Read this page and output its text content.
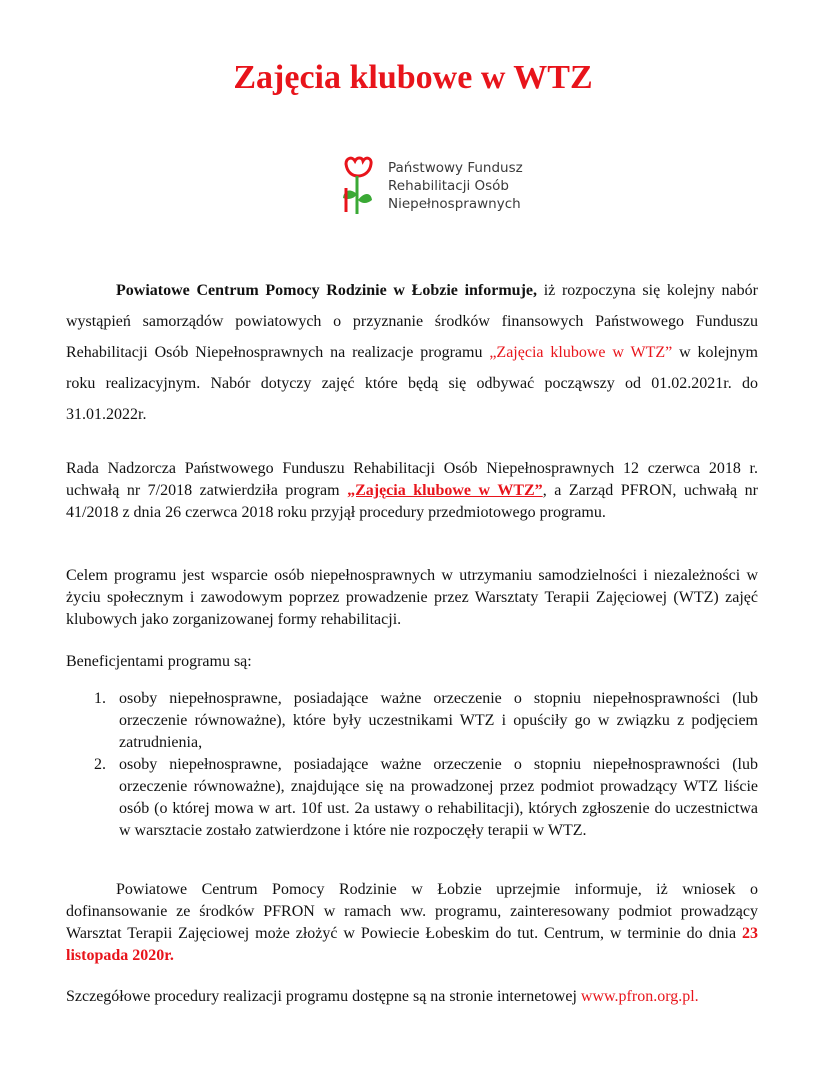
Zajęcia klubowe w WTZ
Państwowy Fundusz
Rehabilitacji Osób
Niepełnosprawnych

Powiatowe Centrum Pomocy Rodzinie w Łobzie informuje, iż rozpoczyna się kolejny nabór wystąpień samorządów powiatowych o przyznanie środków finansowych Państwowego Funduszu Rehabilitacji Osób Niepełnosprawnych na realizacje programu „Zajęcia klubowe w WTZ” w kolejnym roku realizacyjnym. Nabór dotyczy zajęć które będą się odbywać począwszy od 01.02.2021r. do 31.01.2022r.

Rada Nadzorcza Państwowego Funduszu Rehabilitacji Osób Niepełnosprawnych 12 czerwca 2018 r. uchwałą nr 7/2018 zatwierdziła program „Zajęcia klubowe w WTZ”, a Zarząd PFRON, uchwałą nr 41/2018 z dnia 26 czerwca 2018 roku przyjął procedury przedmiotowego programu.

Celem programu jest wsparcie osób niepełnosprawnych w utrzymaniu samodzielności i niezależności w życiu społecznym i zawodowym poprzez prowadzenie przez Warsztaty Terapii Zajęciowej (WTZ) zajęć klubowych jako zorganizowanej formy rehabilitacji.

Beneficjentami programu są:

1. osoby niepełnosprawne, posiadające ważne orzeczenie o stopniu niepełnosprawności (lub orzeczenie równoważne), które były uczestnikami WTZ i opuściły go w związku z podjęciem zatrudnienia,
2. osoby niepełnosprawne, posiadające ważne orzeczenie o stopniu niepełnosprawności (lub orzeczenie równoważne), znajdujące się na prowadzonej przez podmiot prowadzący WTZ liście osób (o której mowa w art. 10f ust. 2a ustawy o rehabilitacji), których zgłoszenie do uczestnictwa w warsztacie zostało zatwierdzone i które nie rozpoczęły terapii w WTZ.

Powiatowe Centrum Pomocy Rodzinie w Łobzie uprzejmie informuje, iż wniosek o dofinansowanie ze środków PFRON w ramach ww. programu, zainteresowany podmiot prowadzący Warsztat Terapii Zajęciowej może złożyć w Powiecie Łobeskim do tut. Centrum, w terminie do dnia 23 listopada 2020r.

Szczegółowe procedury realizacji programu dostępne są na stronie internetowej www.pfron.org.pl.
